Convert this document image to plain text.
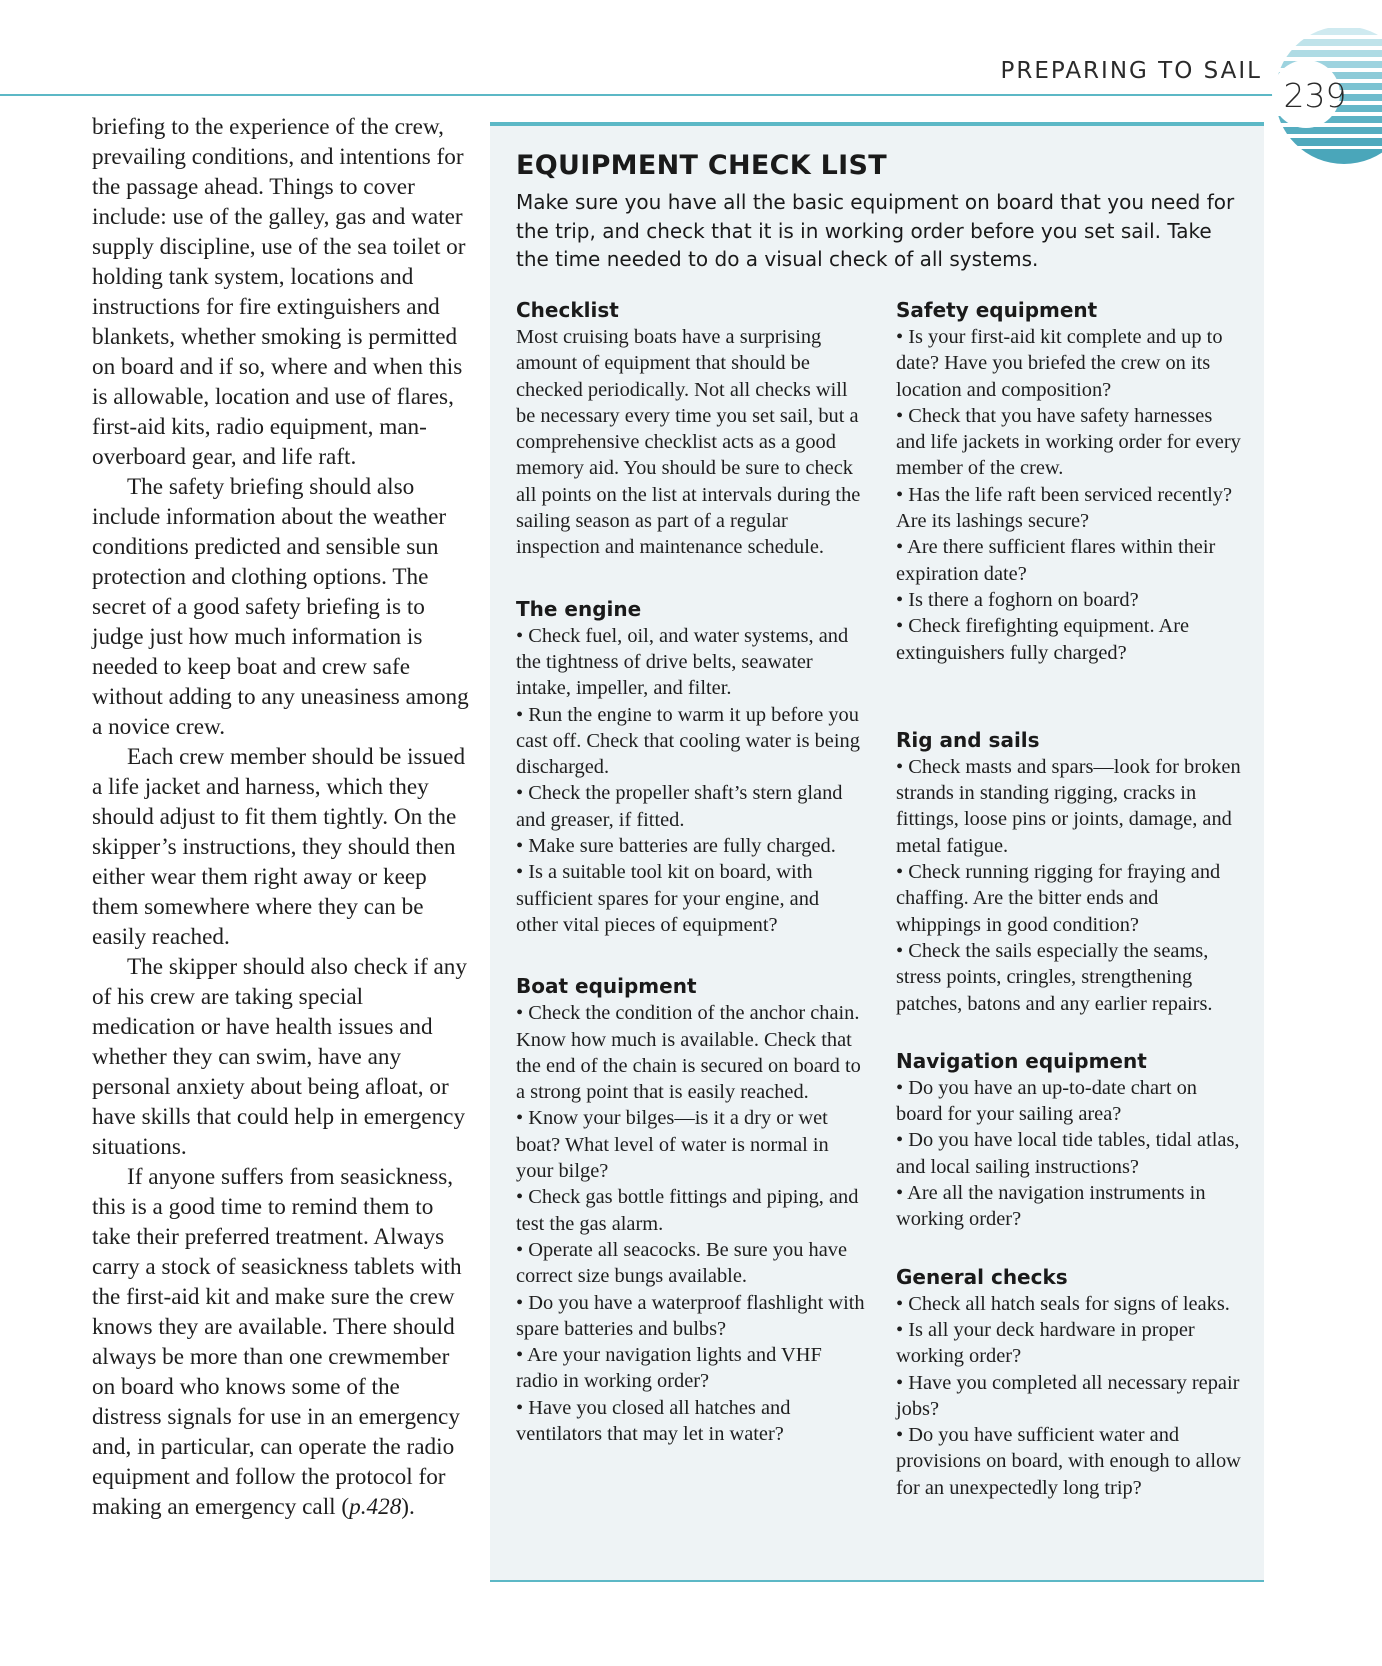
PREPARING TO SAIL
239

briefing to the experience of the crew, prevailing conditions, and intentions for the passage ahead. Things to cover include: use of the galley, gas and water supply discipline, use of the sea toilet or holding tank system, locations and instructions for fire extinguishers and blankets, whether smoking is permitted on board and if so, where and when this is allowable, location and use of flares, first-aid kits, radio equipment, man-overboard gear, and life raft.

The safety briefing should also include information about the weather conditions predicted and sensible sun protection and clothing options. The secret of a good safety briefing is to judge just how much information is needed to keep boat and crew safe without adding to any uneasiness among a novice crew.

Each crew member should be issued a life jacket and harness, which they should adjust to fit them tightly. On the skipper’s instructions, they should then either wear them right away or keep them somewhere where they can be easily reached.

The skipper should also check if any of his crew are taking special medication or have health issues and whether they can swim, have any personal anxiety about being afloat, or have skills that could help in emergency situations.

If anyone suffers from seasickness, this is a good time to remind them to take their preferred treatment. Always carry a stock of seasickness tablets with the first-aid kit and make sure the crew knows they are available. There should always be more than one crewmember on board who knows some of the distress signals for use in an emergency and, in particular, can operate the radio equipment and follow the protocol for making an emergency call (p.428).

EQUIPMENT CHECK LIST

Make sure you have all the basic equipment on board that you need for the trip, and check that it is in working order before you set sail. Take the time needed to do a visual check of all systems.

Checklist
Most cruising boats have a surprising amount of equipment that should be checked periodically. Not all checks will be necessary every time you set sail, but a comprehensive checklist acts as a good memory aid. You should be sure to check all points on the list at intervals during the sailing season as part of a regular inspection and maintenance schedule.
The engine
• Check fuel, oil, and water systems, and the tightness of drive belts, seawater intake, impeller, and filter.
• Run the engine to warm it up before you cast off. Check that cooling water is being discharged.
• Check the propeller shaft’s stern gland and greaser, if fitted.
• Make sure batteries are fully charged.
• Is a suitable tool kit on board, with sufficient spares for your engine, and other vital pieces of equipment?
Boat equipment
• Check the condition of the anchor chain. Know how much is available. Check that the end of the chain is secured on board to a strong point that is easily reached.
• Know your bilges—is it a dry or wet boat? What level of water is normal in your bilge?
• Check gas bottle fittings and piping, and test the gas alarm.
• Operate all seacocks. Be sure you have correct size bungs available.
• Do you have a waterproof flashlight with spare batteries and bulbs?
• Are your navigation lights and VHF radio in working order?
• Have you closed all hatches and ventilators that may let in water?
Safety equipment
• Is your first-aid kit complete and up to date? Have you briefed the crew on its location and composition?
• Check that you have safety harnesses and life jackets in working order for every member of the crew.
• Has the life raft been serviced recently? Are its lashings secure?
• Are there sufficient flares within their expiration date?
• Is there a foghorn on board?
• Check firefighting equipment. Are extinguishers fully charged?
Rig and sails
• Check masts and spars—look for broken strands in standing rigging, cracks in fittings, loose pins or joints, damage, and metal fatigue.
• Check running rigging for fraying and chaffing. Are the bitter ends and whippings in good condition?
• Check the sails especially the seams, stress points, cringles, strengthening patches, batons and any earlier repairs.
Navigation equipment
• Do you have an up-to-date chart on board for your sailing area?
• Do you have local tide tables, tidal atlas, and local sailing instructions?
• Are all the navigation instruments in working order?
General checks
• Check all hatch seals for signs of leaks.
• Is all your deck hardware in proper working order?
• Have you completed all necessary repair jobs?
• Do you have sufficient water and provisions on board, with enough to allow for an unexpectedly long trip?
